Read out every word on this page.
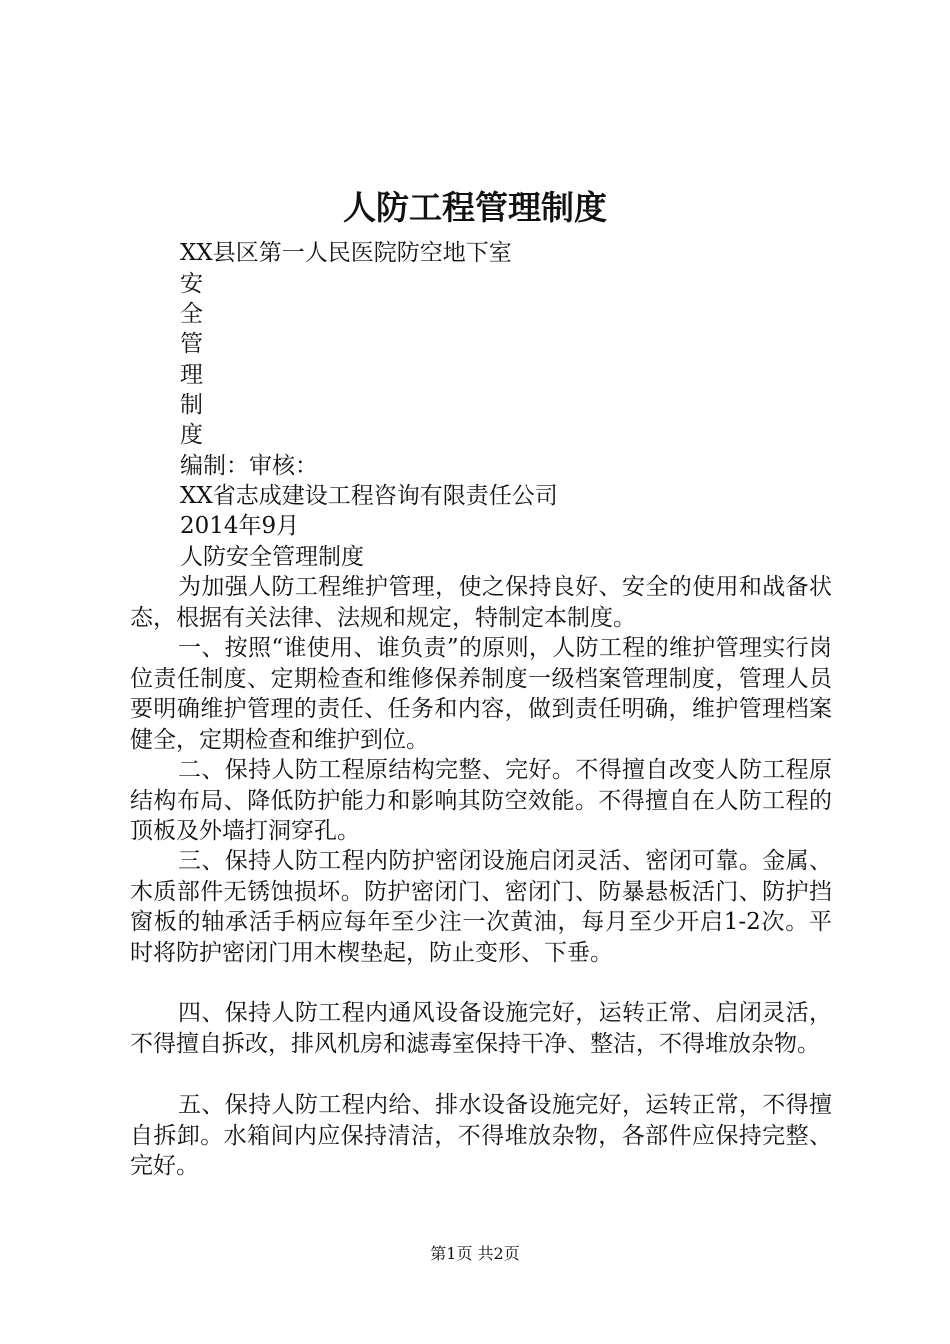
人防工程管理制度
XX县区第一人民医院防空地下室
安
全
管
理
制
度
编制：审核：
XX省志成建设工程咨询有限责任公司
2014年9月
人防安全管理制度

为加强人防工程维护管理，使之保持良好、安全的使用和战备状态，根据有关法律、法规和规定，特制定本制度。

一、按照“谁使用、谁负责”的原则，人防工程的维护管理实行岗位责任制度、定期检查和维修保养制度一级档案管理制度，管理人员要明确维护管理的责任、任务和内容，做到责任明确，维护管理档案健全，定期检查和维护到位。

二、保持人防工程原结构完整、完好。不得擅自改变人防工程原结构布局、降低防护能力和影响其防空效能。不得擅自在人防工程的顶板及外墙打洞穿孔。

三、保持人防工程内防护密闭设施启闭灵活、密闭可靠。金属、木质部件无锈蚀损坏。防护密闭门、密闭门、防暴悬板活门、防护挡窗板的轴承活手柄应每年至少注一次黄油，每月至少开启1-2次。平时将防护密闭门用木楔垫起，防止变形、下垂。

四、保持人防工程内通风设备设施完好，运转正常、启闭灵活，不得擅自拆改，排风机房和滤毒室保持干净、整洁，不得堆放杂物。

五、保持人防工程内给、排水设备设施完好，运转正常，不得擅自拆卸。水箱间内应保持清洁，不得堆放杂物，各部件应保持完整、完好。

第1页 共2页
